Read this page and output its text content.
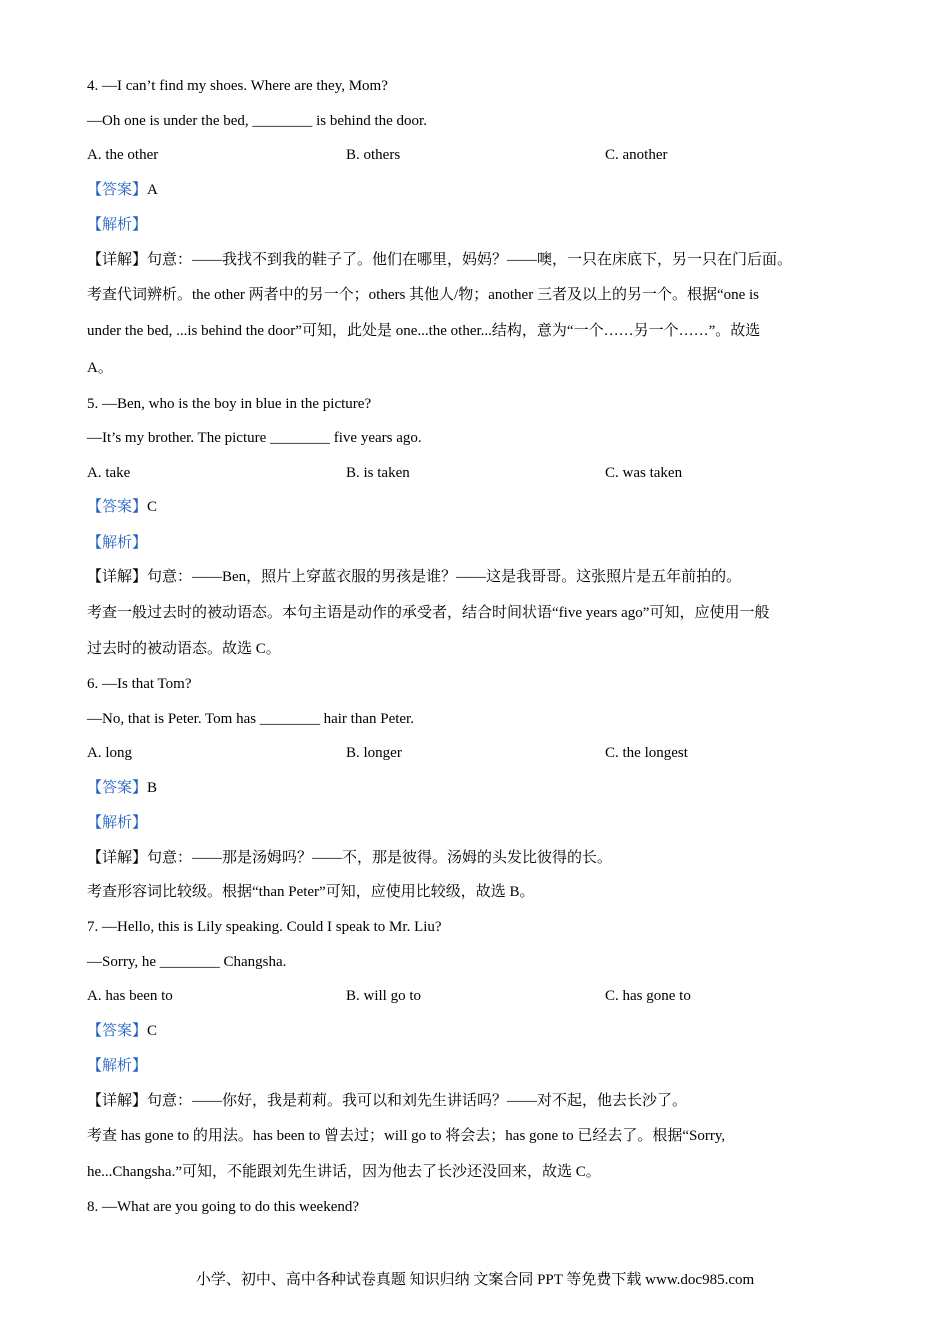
4. —I can’t find my shoes. Where are they, Mom?
—Oh one is under the bed, ________ is behind the door.
A. the other	B. others	C. another
【答案】A
【解析】
【详解】句意：——我找不到我的鞋子了。他们在哪里，妈妈？——噢，一只在床底下，另一只在门后面。
考查代词辨析。the other 两者中的另一个；others 其他人/物；another 三者及以上的另一个。根据“one is
under the bed, ...is behind the door”可知，此处是 one...the other...结构，意为“一个……另一个……”。故选
A。
5. —Ben, who is the boy in blue in the picture?
—It’s my brother. The picture ________ five years ago.
A. take	B. is taken	C. was taken
【答案】C
【解析】
【详解】句意：——Ben，照片上穿蓝衣服的男孩是谁？——这是我哥哥。这张照片是五年前拍的。
考查一般过去时的被动语态。本句主语是动作的承受者，结合时间状语“five years ago”可知，应使用一般
过去时的被动语态。故选 C。
6. —Is that Tom?
—No, that is Peter. Tom has ________ hair than Peter.
A. long	B. longer	C. the longest
【答案】B
【解析】
【详解】句意：——那是汤姆吗？——不，那是彼得。汤姆的头发比彼得的长。
考查形容词比较级。根据“than Peter”可知，应使用比较级，故选 B。
7. —Hello, this is Lily speaking. Could I speak to Mr. Liu?
—Sorry, he ________ Changsha.
A. has been to	B. will go to	C. has gone to
【答案】C
【解析】
【详解】句意：——你好，我是莉莉。我可以和刘先生讲话吗？——对不起，他去长沙了。
考查 has gone to 的用法。has been to 曾去过；will go to 将会去；has gone to 已经去了。根据“Sorry,
he...Changsha.”可知，不能跟刘先生讲话，因为他去了长沙还没回来，故选 C。
8. —What are you going to do this weekend?
小学、初中、高中各种试卷真题 知识归纳 文案合同 PPT 等免费下载 www.doc985.com
